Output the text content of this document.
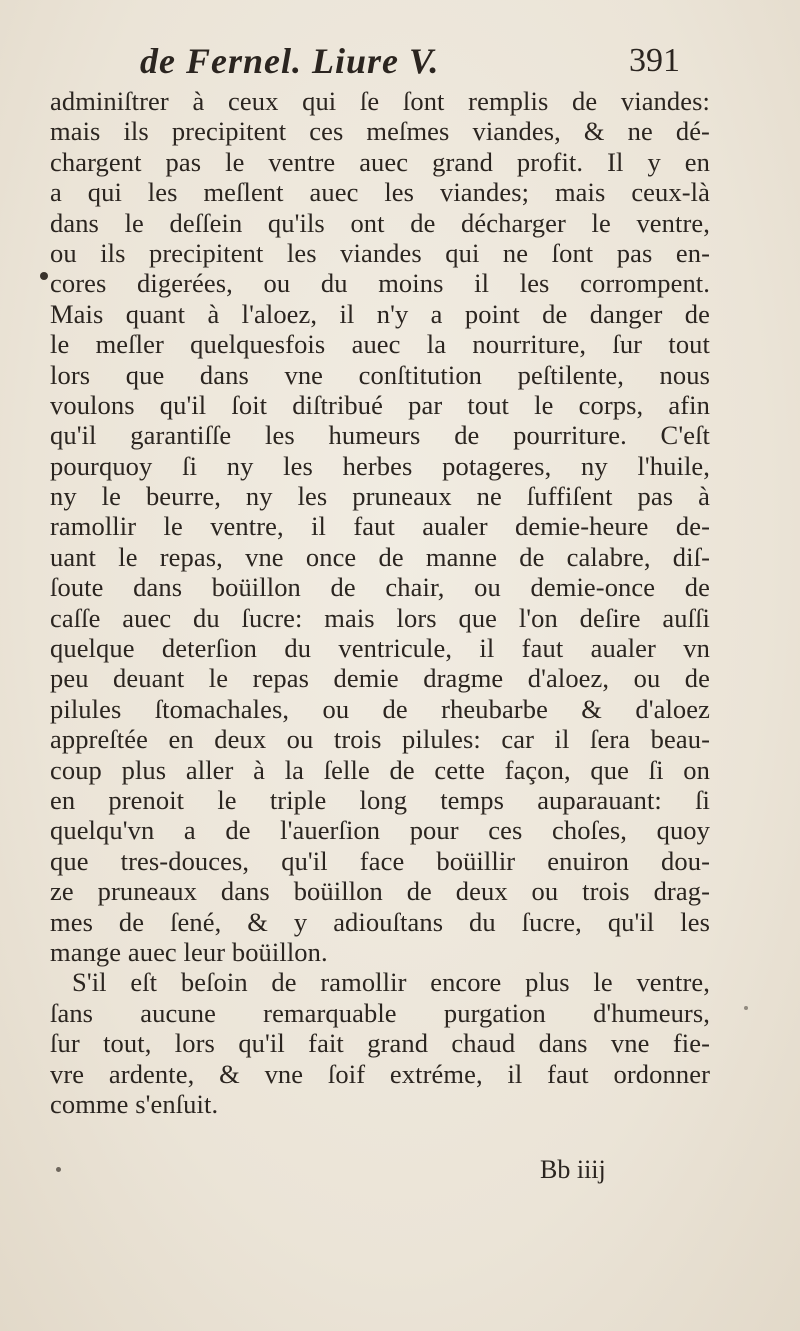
de Fernel. Liure V.	391
adminiſtrer à ceux qui ſe ſont remplis de viandes:
mais ils precipitent ces meſmes viandes, & ne dé-
chargent pas le ventre auec grand profit. Il y en
a qui les meſlent auec les viandes; mais ceux-là
dans le deſſein qu'ils ont de décharger le ventre,
ou ils precipitent les viandes qui ne ſont pas en-
cores digerées, ou du moins il les corrompent.
Mais quant à l'aloez, il n'y a point de danger de
le meſler quelquesfois auec la nourriture, ſur tout
lors que dans vne conſtitution peſtilente, nous
voulons qu'il ſoit diſtribué par tout le corps, afin
qu'il garantiſſe les humeurs de pourriture. C'eſt
pourquoy ſi ny les herbes potageres, ny l'huile,
ny le beurre, ny les pruneaux ne ſuffiſent pas à
ramollir le ventre, il faut aualer demie-heure de-
uant le repas, vne once de manne de calabre, diſ-
ſoute dans boüillon de chair, ou demie-once de
caſſe auec du ſucre: mais lors que l'on deſire auſſi
quelque deterſion du ventricule, il faut aualer vn
peu deuant le repas demie dragme d'aloez, ou de
pilules ſtomachales, ou de rheubarbe & d'aloez
appreſtée en deux ou trois pilules: car il ſera beau-
coup plus aller à la ſelle de cette façon, que ſi on
en prenoit le triple long temps auparauant: ſi
quelqu'vn a de l'auerſion pour ces choſes, quoy
que tres-douces, qu'il face boüillir enuiron dou-
ze pruneaux dans boüillon de deux ou trois drag-
mes de ſené, & y adiouſtans du ſucre, qu'il les
mange auec leur boüillon.
S'il eſt beſoin de ramollir encore plus le ventre,
ſans aucune remarquable purgation d'humeurs,
ſur tout, lors qu'il fait grand chaud dans vne fie-
vre ardente, & vne ſoif extréme, il faut ordonner
comme s'enſuit.
Bb iiij
